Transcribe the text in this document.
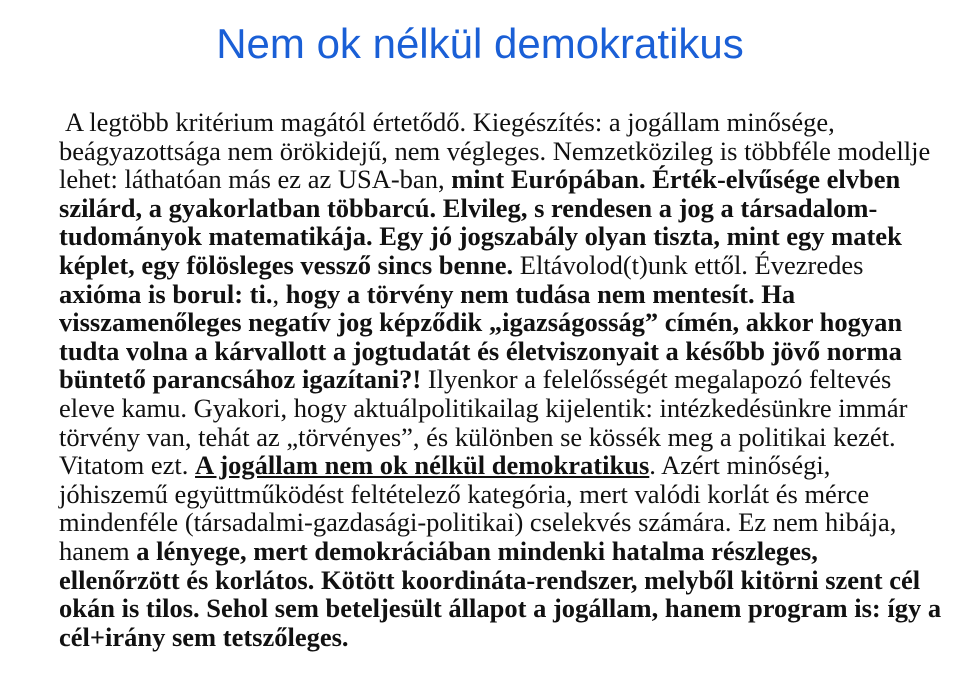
Nem ok nélkül demokratikus

A legtöbb kritérium magától értetődő. Kiegészítés: a jogállam minősége, beágyazottsága nem örökidejű, nem végleges. Nemzetközileg is többféle modellje lehet: láthatóan más ez az USA-ban, mint Európában. Érték-elvűsége elvben szilárd, a gyakorlatban többarcú. Elvileg, s rendesen a jog a társadalom-tudományok matematikája. Egy jó jogszabály olyan tiszta, mint egy matek képlet, egy fölösleges vessző sincs benne. Eltávolod(t)unk ettől. Évezredes axióma is borul: ti., hogy a törvény nem tudása nem mentesít. Ha visszamenőleges negatív jog képződik „igazságosság” címén, akkor hogyan tudta volna a kárvallott a jogtudatát és életviszonyait a később jövő norma büntető parancsához igazítani?! Ilyenkor a felelősségét megalapozó feltevés eleve kamu. Gyakori, hogy aktuálpolitikailag kijelentik: intézkedésünkre immár törvény van, tehát az „törvényes”, és különben se kössék meg a politikai kezét. Vitatom ezt. A jogállam nem ok nélkül demokratikus. Azért minőségi, jóhiszemű együttműködést feltételező kategória, mert valódi korlát és mérce mindenféle (társadalmi-gazdasági-politikai) cselekvés számára. Ez nem hibája, hanem a lényege, mert demokráciában mindenki hatalma részleges, ellenőrzött és korlátos. Kötött koordináta-rendszer, melyből kitörni szent cél okán is tilos. Sehol sem beteljesült állapot a jogállam, hanem program is: így a cél+irány sem tetszőleges.
